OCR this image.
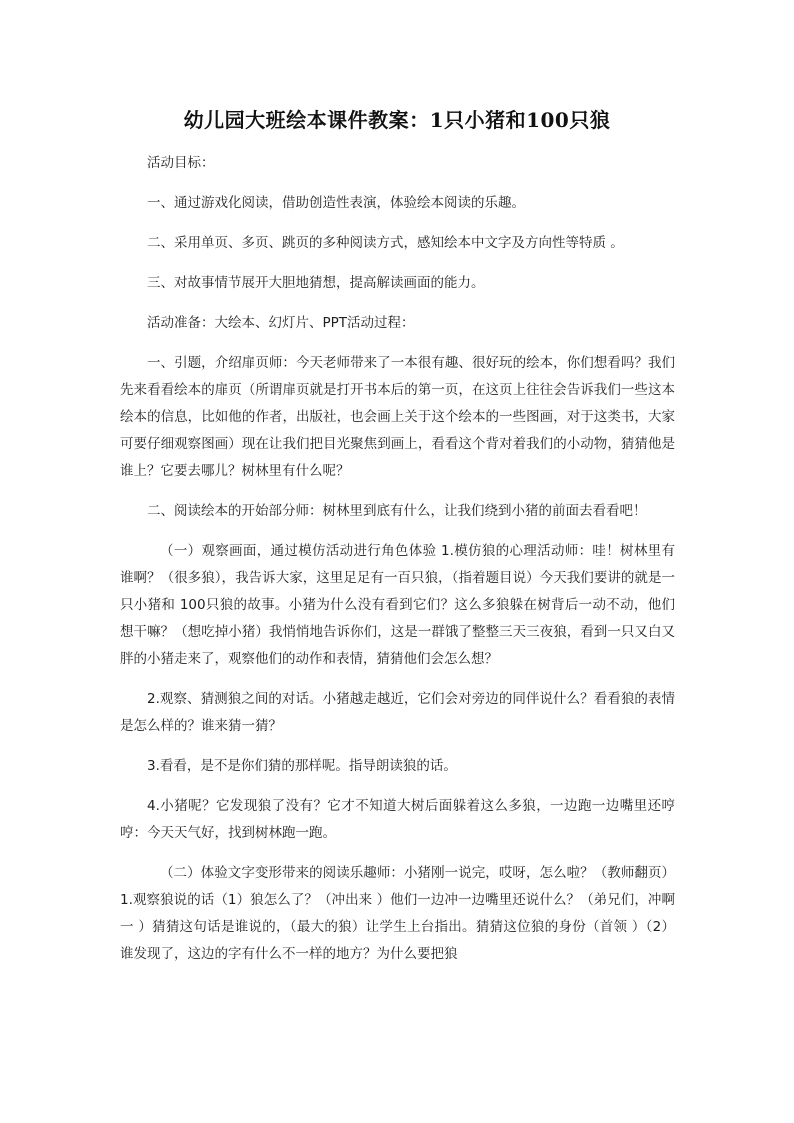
幼儿园大班绘本课件教案：1只小猪和100只狼

活动目标：

一、通过游戏化阅读，借助创造性表演，体验绘本阅读的乐趣。

二、采用单页、多页、跳页的多种阅读方式，感知绘本中文字及方向性等特质 。

三、对故事情节展开大胆地猜想，提高解读画面的能力。

活动准备：大绘本、幻灯片、PPT活动过程：

一、引题，介绍扉页师：今天老师带来了一本很有趣、很好玩的绘本，你们想看吗？我们先来看看绘本的扉页（所谓扉页就是打开书本后的第一页，在这页上往往会告诉我们一些这本绘本的信息，比如他的作者，出版社，也会画上关于这个绘本的一些图画，对于这类书，大家可要仔细观察图画）现在让我们把目光聚焦到画上，看看这个背对着我们的小动物，猜猜他是谁上？它要去哪儿？树林里有什么呢？

二、阅读绘本的开始部分师：树林里到底有什么，让我们绕到小猪的前面去看看吧！

（一）观察画面，通过模仿活动进行角色体验 1.模仿狼的心理活动师：哇！树林里有谁啊？（很多狼），我告诉大家，这里足足有一百只狼，（指着题目说）今天我们要讲的就是一只小猪和 100只狼的故事。小猪为什么没有看到它们？这么多狼躲在树背后一动不动，他们想干嘛？（想吃掉小猪）我悄悄地告诉你们，这是一群饿了整整三天三夜狼，看到一只又白又胖的小猪走来了，观察他们的动作和表情，猜猜他们会怎么想？

2.观察、猜测狼之间的对话。小猪越走越近，它们会对旁边的同伴说什么？看看狼的表情是怎么样的？谁来猜一猜？

3.看看，是不是你们猜的那样呢。指导朗读狼的话。

4.小猪呢？它发现狼了没有？它才不知道大树后面躲着这么多狼，一边跑一边嘴里还哼哼：今天天气好，找到树林跑一跑。

（二）体验文字变形带来的阅读乐趣师：小猪刚一说完，哎呀，怎么啦？（教师翻页）1.观察狼说的话（1）狼怎么了？（冲出来 ）他们一边冲一边嘴里还说什么？（弟兄们，冲啊 一 ）猜猜这句话是谁说的，（最大的狼）让学生上台指出。猜猜这位狼的身份（首领 ）（2）谁发现了，这边的字有什么不一样的地方？为什么要把狼
